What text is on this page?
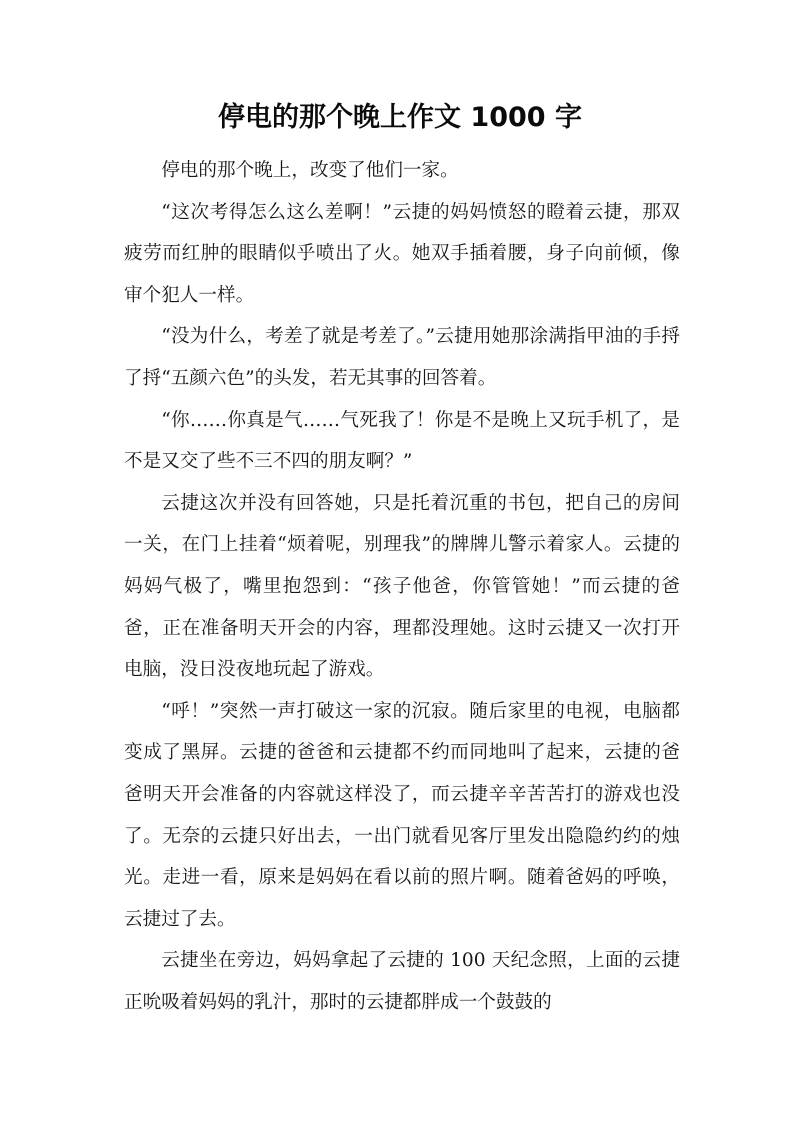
停电的那个晚上作文 1000 字

停电的那个晚上，改变了他们一家。

“这次考得怎么这么差啊！”云捷的妈妈愤怒的瞪着云捷，那双疲劳而红肿的眼睛似乎喷出了火。她双手插着腰，身子向前倾，像审个犯人一样。

“没为什么，考差了就是考差了。”云捷用她那涂满指甲油的手捋了捋“五颜六色”的头发，若无其事的回答着。

“你……你真是气……气死我了！你是不是晚上又玩手机了，是不是又交了些不三不四的朋友啊？”

云捷这次并没有回答她，只是托着沉重的书包，把自己的房间一关，在门上挂着“烦着呢，别理我”的牌牌儿警示着家人。云捷的妈妈气极了，嘴里抱怨到：“孩子他爸，你管管她！”而云捷的爸爸，正在准备明天开会的内容，理都没理她。这时云捷又一次打开电脑，没日没夜地玩起了游戏。

“呼！”突然一声打破这一家的沉寂。随后家里的电视，电脑都变成了黑屏。云捷的爸爸和云捷都不约而同地叫了起来，云捷的爸爸明天开会准备的内容就这样没了，而云捷辛辛苦苦打的游戏也没了。无奈的云捷只好出去，一出门就看见客厅里发出隐隐约约的烛光。走进一看，原来是妈妈在看以前的照片啊。随着爸妈的呼唤，云捷过了去。

云捷坐在旁边，妈妈拿起了云捷的 100 天纪念照，上面的云捷正吮吸着妈妈的乳汁，那时的云捷都胖成一个鼓鼓的
